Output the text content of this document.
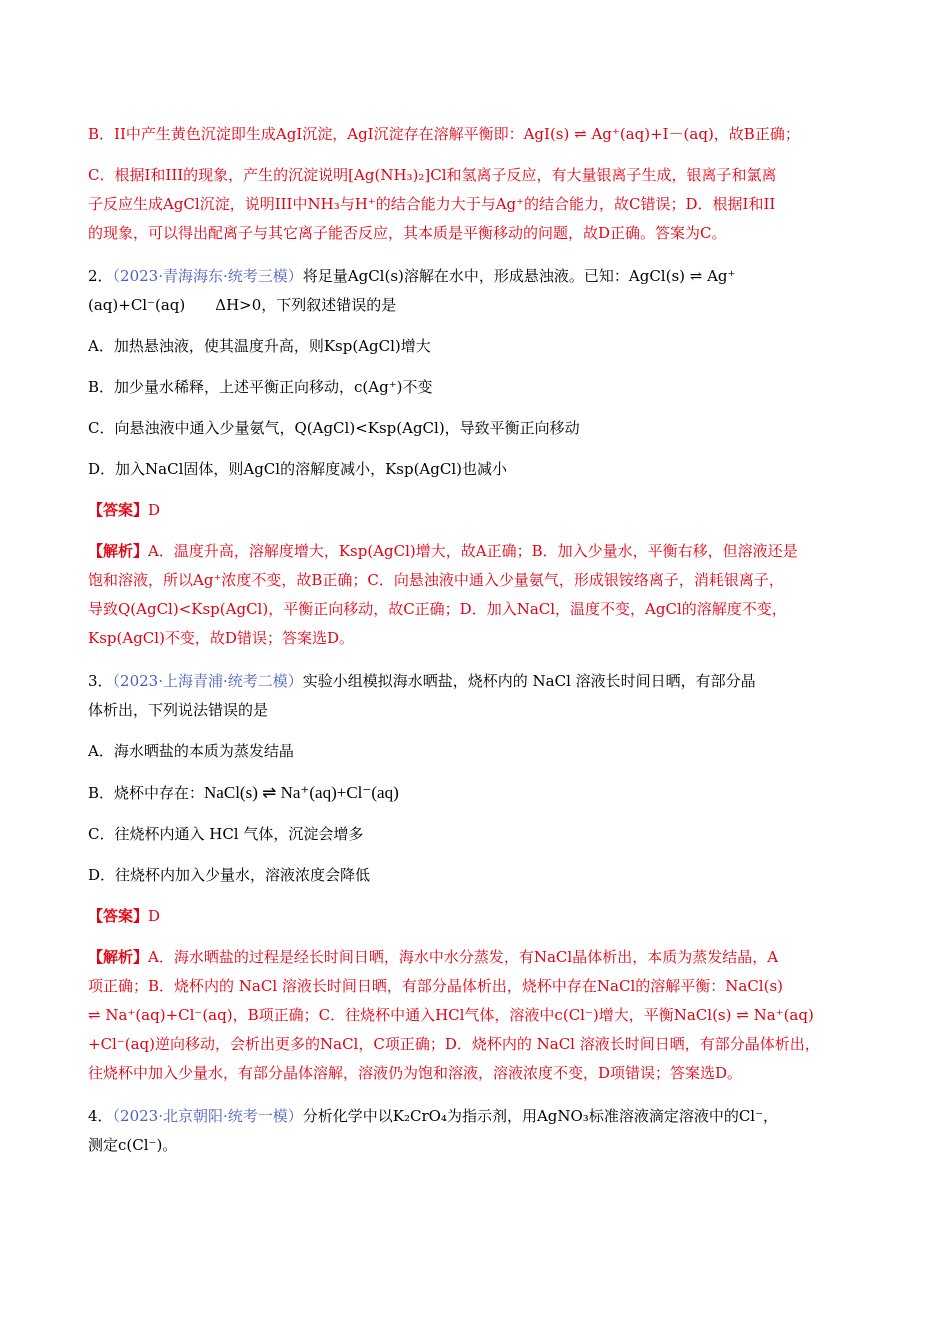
B．II中产生黄色沉淀即生成AgI沉淀，AgI沉淀存在溶解平衡即：AgI(s) ⇌ Ag⁺(aq)+I－(aq)，故B正确；

C．根据I和III的现象，产生的沉淀说明[Ag(NH₃)₂]Cl和氢离子反应，有大量银离子生成，银离子和氯离

子反应生成AgCl沉淀，说明III中NH₃与H⁺的结合能力大于与Ag⁺的结合能力，故C错误；D．根据I和II

的现象，可以得出配离子与其它离子能否反应，其本质是平衡移动的问题，故D正确。答案为C。

2．（2023·青海海东·统考三模）将足量AgCl(s)溶解在水中，形成悬浊液。已知：AgCl(s) ⇌ Ag⁺

(aq)+Cl⁻(aq)　　ΔH>0，下列叙述错误的是

A．加热悬浊液，使其温度升高，则Ksp(AgCl)增大

B．加少量水稀释，上述平衡正向移动，c(Ag⁺)不变

C．向悬浊液中通入少量氨气，Q(AgCl)<Ksp(AgCl)，导致平衡正向移动

D．加入NaCl固体，则AgCl的溶解度减小，Ksp(AgCl)也减小

【答案】D

【解析】A．温度升高，溶解度增大，Ksp(AgCl)增大，故A正确；B．加入少量水，平衡右移，但溶液还是

饱和溶液，所以Ag⁺浓度不变，故B正确；C．向悬浊液中通入少量氨气，形成银铵络离子，消耗银离子，

导致Q(AgCl)<Ksp(AgCl)，平衡正向移动，故C正确；D．加入NaCl，温度不变，AgCl的溶解度不变，

Ksp(AgCl)不变，故D错误；答案选D。

3．（2023·上海青浦·统考二模）实验小组模拟海水晒盐，烧杯内的 NaCl 溶液长时间日晒，有部分晶

体析出，下列说法错误的是

A．海水晒盐的本质为蒸发结晶

B．烧杯中存在：NaCl(s) ⇌ Na⁺(aq)+Cl⁻(aq)

C．往烧杯内通入 HCl 气体，沉淀会增多

D．往烧杯内加入少量水，溶液浓度会降低

【答案】D

【解析】A．海水晒盐的过程是经长时间日晒，海水中水分蒸发，有NaCl晶体析出，本质为蒸发结晶，A

项正确；B．烧杯内的 NaCl 溶液长时间日晒，有部分晶体析出，烧杯中存在NaCl的溶解平衡：NaCl(s)

⇌ Na⁺(aq)+Cl⁻(aq)，B项正确；C．往烧杯中通入HCl气体，溶液中c(Cl⁻)增大，平衡NaCl(s) ⇌ Na⁺(aq)

+Cl⁻(aq)逆向移动，会析出更多的NaCl，C项正确；D．烧杯内的 NaCl 溶液长时间日晒，有部分晶体析出，

往烧杯中加入少量水，有部分晶体溶解，溶液仍为饱和溶液，溶液浓度不变，D项错误；答案选D。

4．（2023·北京朝阳·统考一模）分析化学中以K₂CrO₄为指示剂，用AgNO₃标准溶液滴定溶液中的Cl⁻，

测定c(Cl⁻)。
